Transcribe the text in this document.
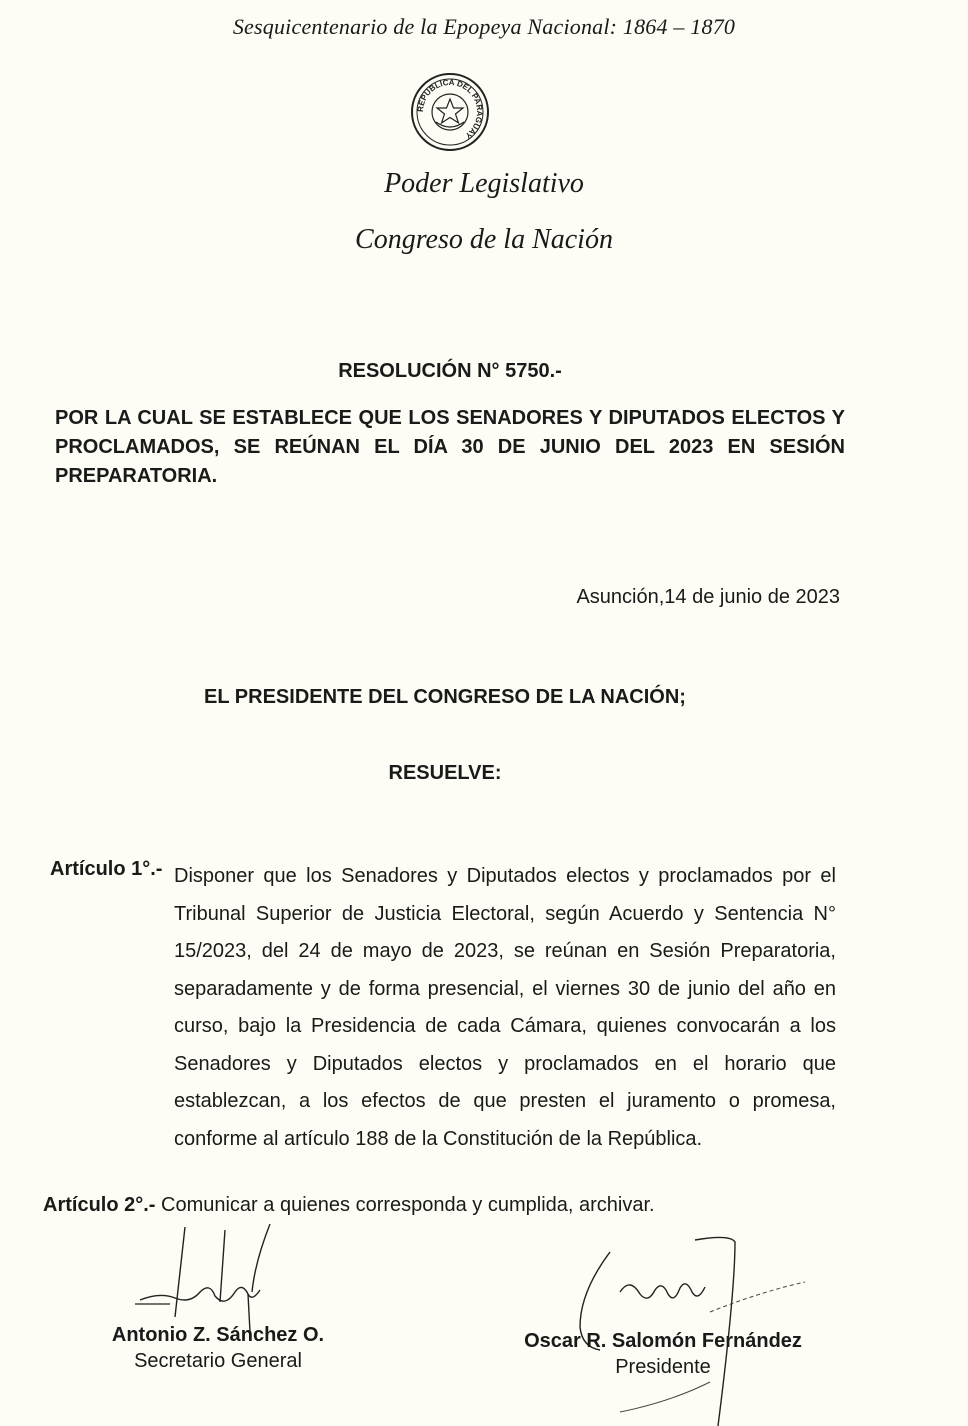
Sesquicentenario de la Epopeya Nacional: 1864 – 1870
REPUBLICA DEL PARAGUAY
Poder Legislativo
Congreso de la Nación
RESOLUCIÓN N° 5750.-
POR LA CUAL SE ESTABLECE QUE LOS SENADORES Y DIPUTADOS ELECTOS Y PROCLAMADOS, SE REÚNAN EL DÍA 30 DE JUNIO DEL 2023 EN SESIÓN PREPARATORIA.
Asunción,14 de junio de 2023
EL PRESIDENTE DEL CONGRESO DE LA NACIÓN;
RESUELVE:
Artículo 1°.- Disponer que los Senadores y Diputados electos y proclamados por el Tribunal Superior de Justicia Electoral, según Acuerdo y Sentencia N° 15/2023, del 24 de mayo de 2023, se reúnan en Sesión Preparatoria, separadamente y de forma presencial, el viernes 30 de junio del año en curso, bajo la Presidencia de cada Cámara, quienes convocarán a los Senadores y Diputados electos y proclamados en el horario que establezcan, a los efectos de que presten el juramento o promesa, conforme al artículo 188 de la Constitución de la República.
Artículo 2°.- Comunicar a quienes corresponda y cumplida, archivar.
Antonio Z. Sánchez O.
Secretario General
Oscar R. Salomón Fernández
Presidente
